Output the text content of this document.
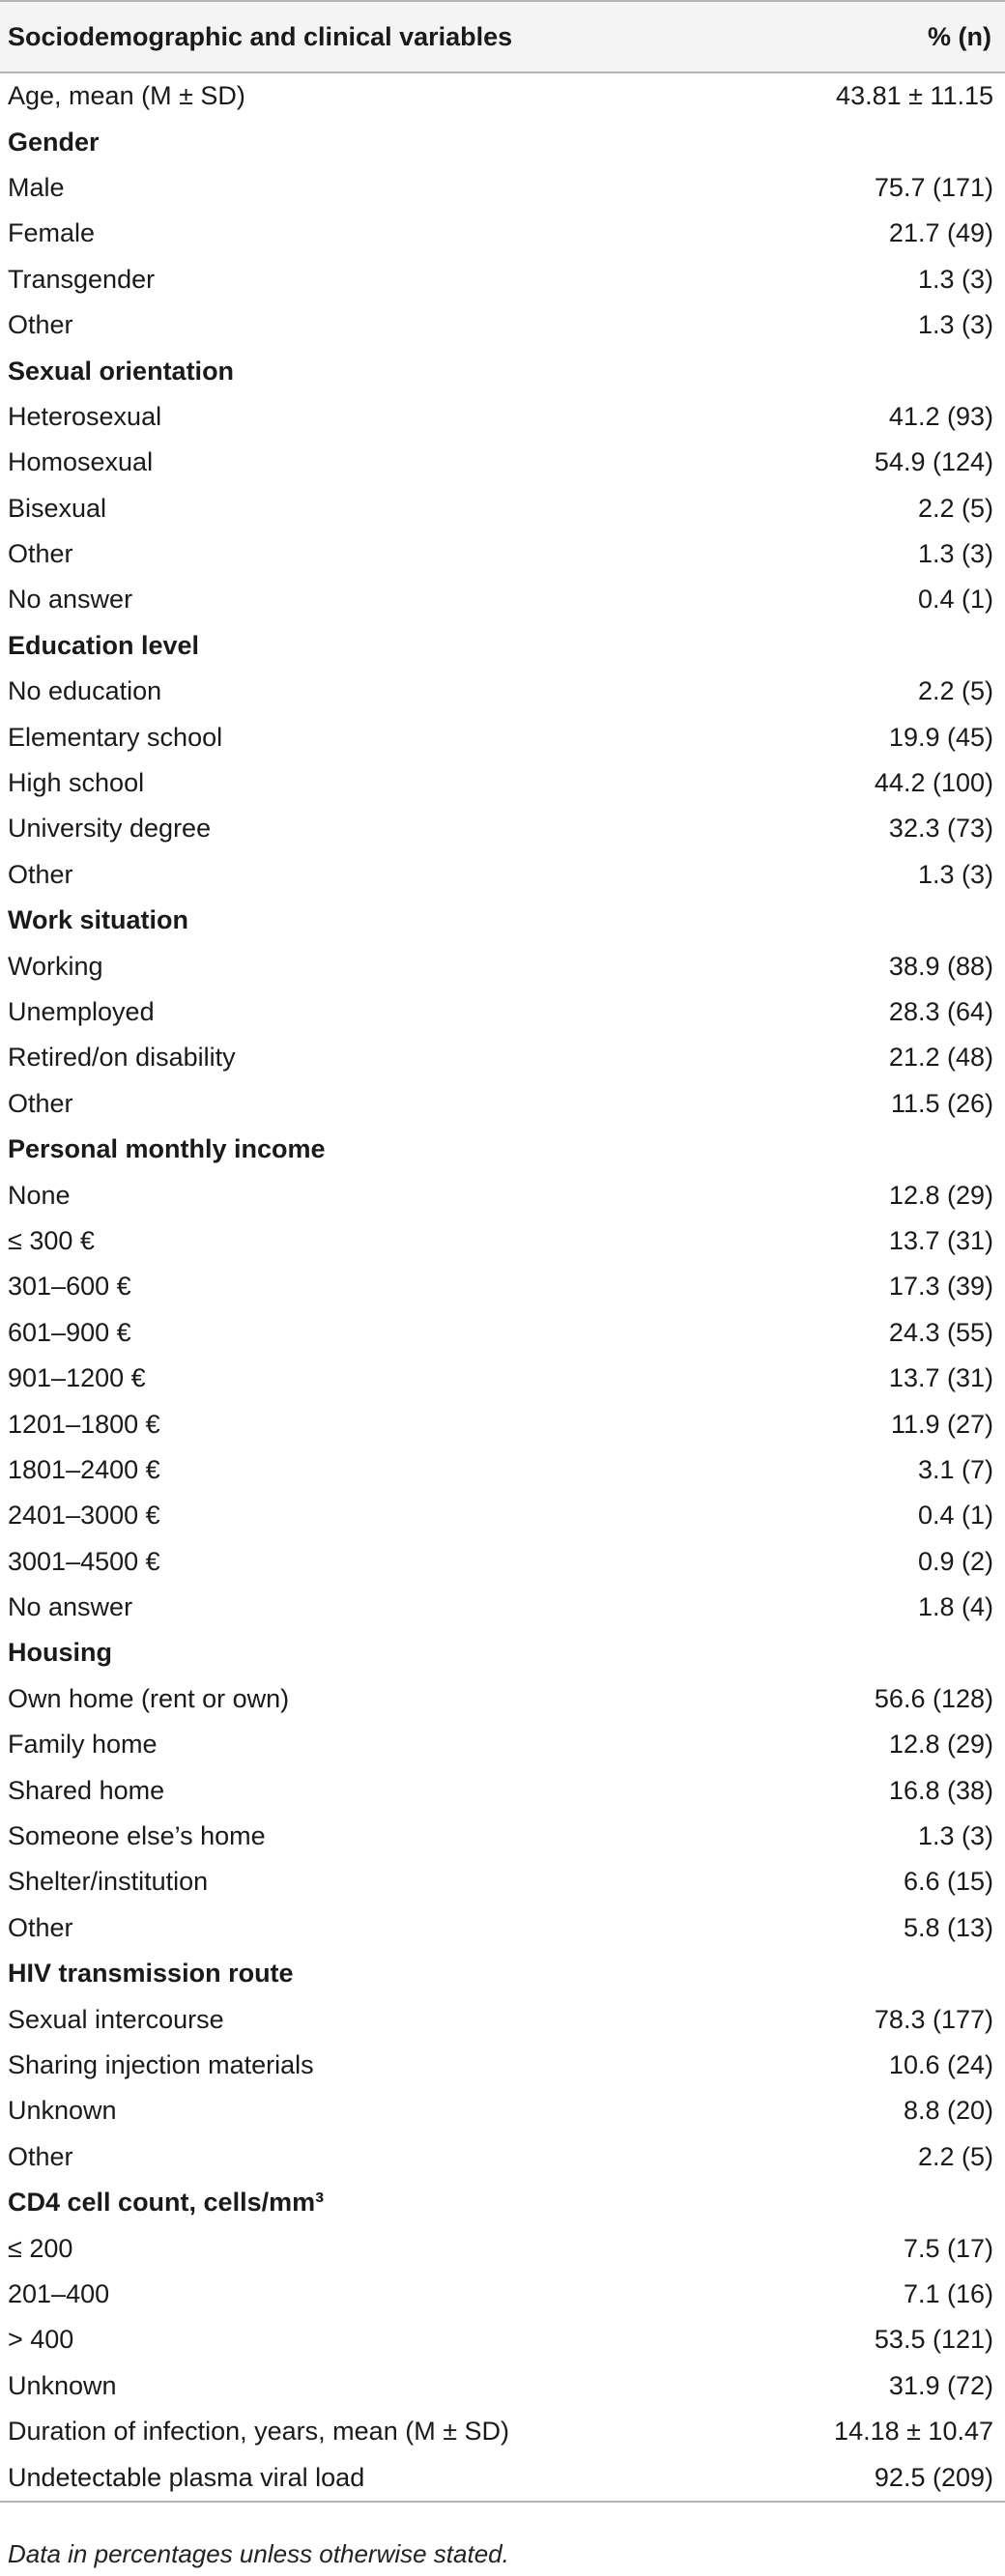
Sociodemographic and clinical variables	% (n)
Age, mean (M ± SD)	43.81 ± 11.15
Gender
Male	75.7 (171)
Female	21.7 (49)
Transgender	1.3 (3)
Other	1.3 (3)
Sexual orientation
Heterosexual	41.2 (93)
Homosexual	54.9 (124)
Bisexual	2.2 (5)
Other	1.3 (3)
No answer	0.4 (1)
Education level
No education	2.2 (5)
Elementary school	19.9 (45)
High school	44.2 (100)
University degree	32.3 (73)
Other	1.3 (3)
Work situation
Working	38.9 (88)
Unemployed	28.3 (64)
Retired/on disability	21.2 (48)
Other	11.5 (26)
Personal monthly income
None	12.8 (29)
≤ 300 €	13.7 (31)
301–600 €	17.3 (39)
601–900 €	24.3 (55)
901–1200 €	13.7 (31)
1201–1800 €	11.9 (27)
1801–2400 €	3.1 (7)
2401–3000 €	0.4 (1)
3001–4500 €	0.9 (2)
No answer	1.8 (4)
Housing
Own home (rent or own)	56.6 (128)
Family home	12.8 (29)
Shared home	16.8 (38)
Someone else’s home	1.3 (3)
Shelter/institution	6.6 (15)
Other	5.8 (13)
HIV transmission route
Sexual intercourse	78.3 (177)
Sharing injection materials	10.6 (24)
Unknown	8.8 (20)
Other	2.2 (5)
CD4 cell count, cells/mm³
≤ 200	7.5 (17)
201–400	7.1 (16)
> 400	53.5 (121)
Unknown	31.9 (72)
Duration of infection, years, mean (M ± SD)	14.18 ± 10.47
Undetectable plasma viral load	92.5 (209)
Data in percentages unless otherwise stated.
